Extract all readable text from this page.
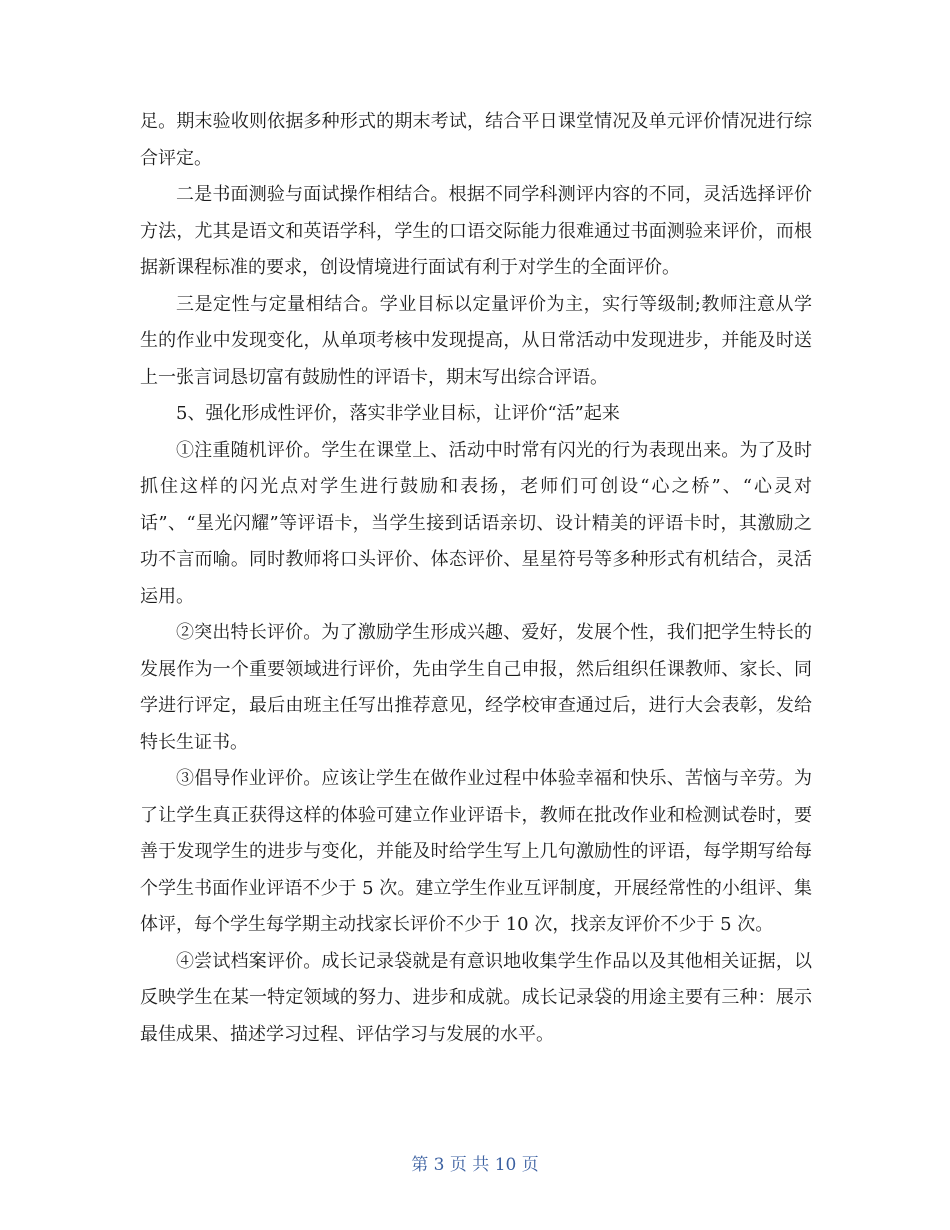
足。期末验收则依据多种形式的期末考试，结合平日课堂情况及单元评价情况进行综合评定。

二是书面测验与面试操作相结合。根据不同学科测评内容的不同，灵活选择评价方法，尤其是语文和英语学科，学生的口语交际能力很难通过书面测验来评价，而根据新课程标准的要求，创设情境进行面试有利于对学生的全面评价。

三是定性与定量相结合。学业目标以定量评价为主，实行等级制;教师注意从学生的作业中发现变化，从单项考核中发现提高，从日常活动中发现进步，并能及时送上一张言词恳切富有鼓励性的评语卡，期末写出综合评语。

5、强化形成性评价，落实非学业目标，让评价“活”起来

①注重随机评价。学生在课堂上、活动中时常有闪光的行为表现出来。为了及时抓住这样的闪光点对学生进行鼓励和表扬，老师们可创设“心之桥”、“心灵对话”、“星光闪耀”等评语卡，当学生接到话语亲切、设计精美的评语卡时，其激励之功不言而喻。同时教师将口头评价、体态评价、星星符号等多种形式有机结合，灵活运用。

②突出特长评价。为了激励学生形成兴趣、爱好，发展个性，我们把学生特长的发展作为一个重要领域进行评价，先由学生自己申报，然后组织任课教师、家长、同学进行评定，最后由班主任写出推荐意见，经学校审查通过后，进行大会表彰，发给特长生证书。

③倡导作业评价。应该让学生在做作业过程中体验幸福和快乐、苦恼与辛劳。为了让学生真正获得这样的体验可建立作业评语卡，教师在批改作业和检测试卷时，要善于发现学生的进步与变化，并能及时给学生写上几句激励性的评语，每学期写给每个学生书面作业评语不少于 5 次。建立学生作业互评制度，开展经常性的小组评、集体评，每个学生每学期主动找家长评价不少于 10 次，找亲友评价不少于 5 次。

④尝试档案评价。成长记录袋就是有意识地收集学生作品以及其他相关证据，以反映学生在某一特定领域的努力、进步和成就。成长记录袋的用途主要有三种：展示最佳成果、描述学习过程、评估学习与发展的水平。

第 3 页 共 10 页
